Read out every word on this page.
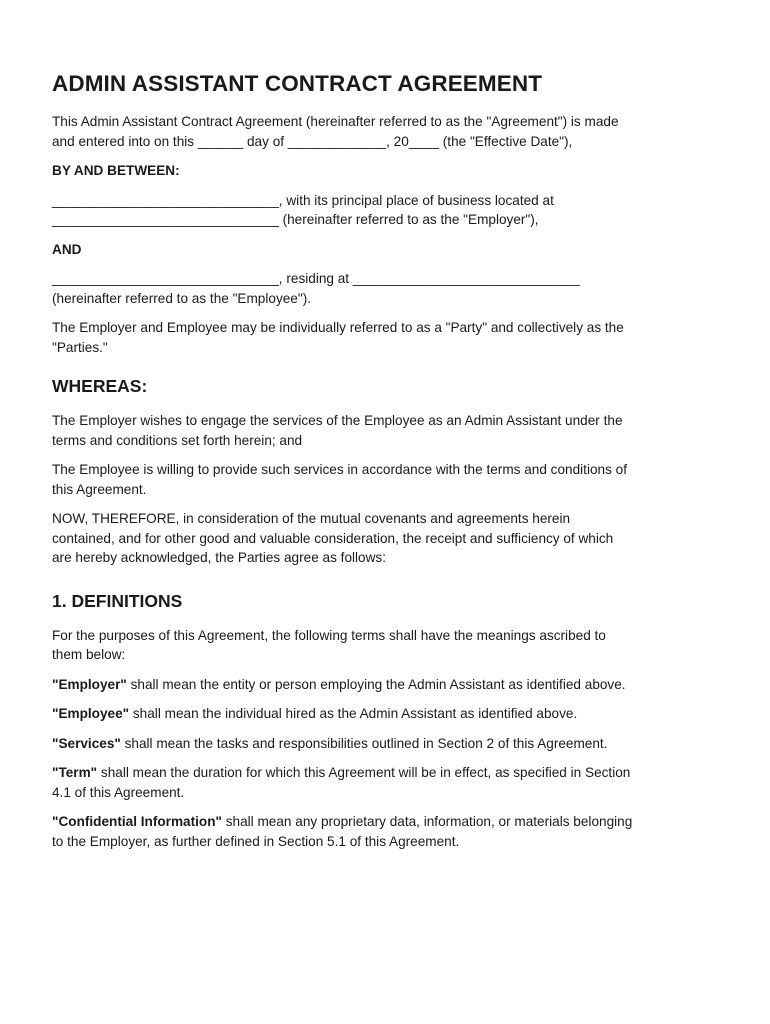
ADMIN ASSISTANT CONTRACT AGREEMENT

This Admin Assistant Contract Agreement (hereinafter referred to as the "Agreement") is made
and entered into on this ______ day of _____________, 20____ (the "Effective Date"),

BY AND BETWEEN:

______________________________, with its principal place of business located at
______________________________ (hereinafter referred to as the "Employer"),

AND

______________________________, residing at ______________________________
(hereinafter referred to as the "Employee").

The Employer and Employee may be individually referred to as a "Party" and collectively as the
"Parties."

WHEREAS:

The Employer wishes to engage the services of the Employee as an Admin Assistant under the
terms and conditions set forth herein; and

The Employee is willing to provide such services in accordance with the terms and conditions of
this Agreement.

NOW, THEREFORE, in consideration of the mutual covenants and agreements herein
contained, and for other good and valuable consideration, the receipt and sufficiency of which
are hereby acknowledged, the Parties agree as follows:

1. DEFINITIONS

For the purposes of this Agreement, the following terms shall have the meanings ascribed to
them below:

"Employer" shall mean the entity or person employing the Admin Assistant as identified above.

"Employee" shall mean the individual hired as the Admin Assistant as identified above.

"Services" shall mean the tasks and responsibilities outlined in Section 2 of this Agreement.

"Term" shall mean the duration for which this Agreement will be in effect, as specified in Section
4.1 of this Agreement.

"Confidential Information" shall mean any proprietary data, information, or materials belonging
to the Employer, as further defined in Section 5.1 of this Agreement.
